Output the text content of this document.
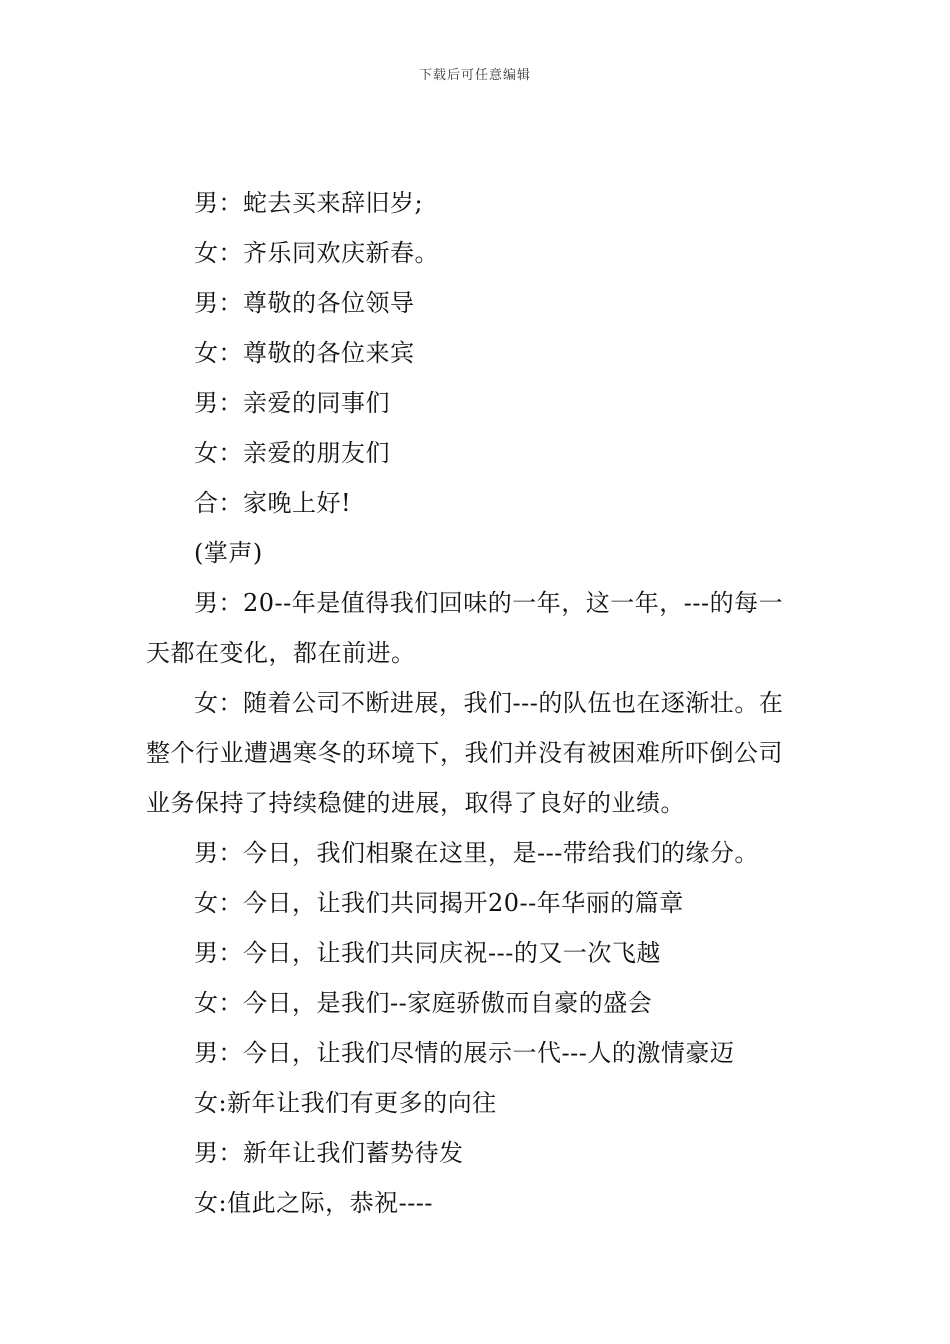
下载后可任意编辑

男：蛇去买来辞旧岁;

女：齐乐同欢庆新春。

男：尊敬的各位领导

女：尊敬的各位来宾

男：亲爱的同事们

女：亲爱的朋友们

合：家晚上好!

(掌声)

男：20--年是值得我们回味的一年，这一年，---的每一天都在变化，都在前进。

女：随着公司不断进展，我们---的队伍也在逐渐壮。在整个行业遭遇寒冬的环境下，我们并没有被困难所吓倒公司业务保持了持续稳健的进展，取得了良好的业绩。

男：今日，我们相聚在这里，是---带给我们的缘分。

女：今日，让我们共同揭开20--年华丽的篇章

男：今日，让我们共同庆祝---的又一次飞越

女：今日，是我们--家庭骄傲而自豪的盛会

男：今日，让我们尽情的展示一代---人的激情豪迈

女:新年让我们有更多的向往

男：新年让我们蓄势待发

女:值此之际，恭祝----
